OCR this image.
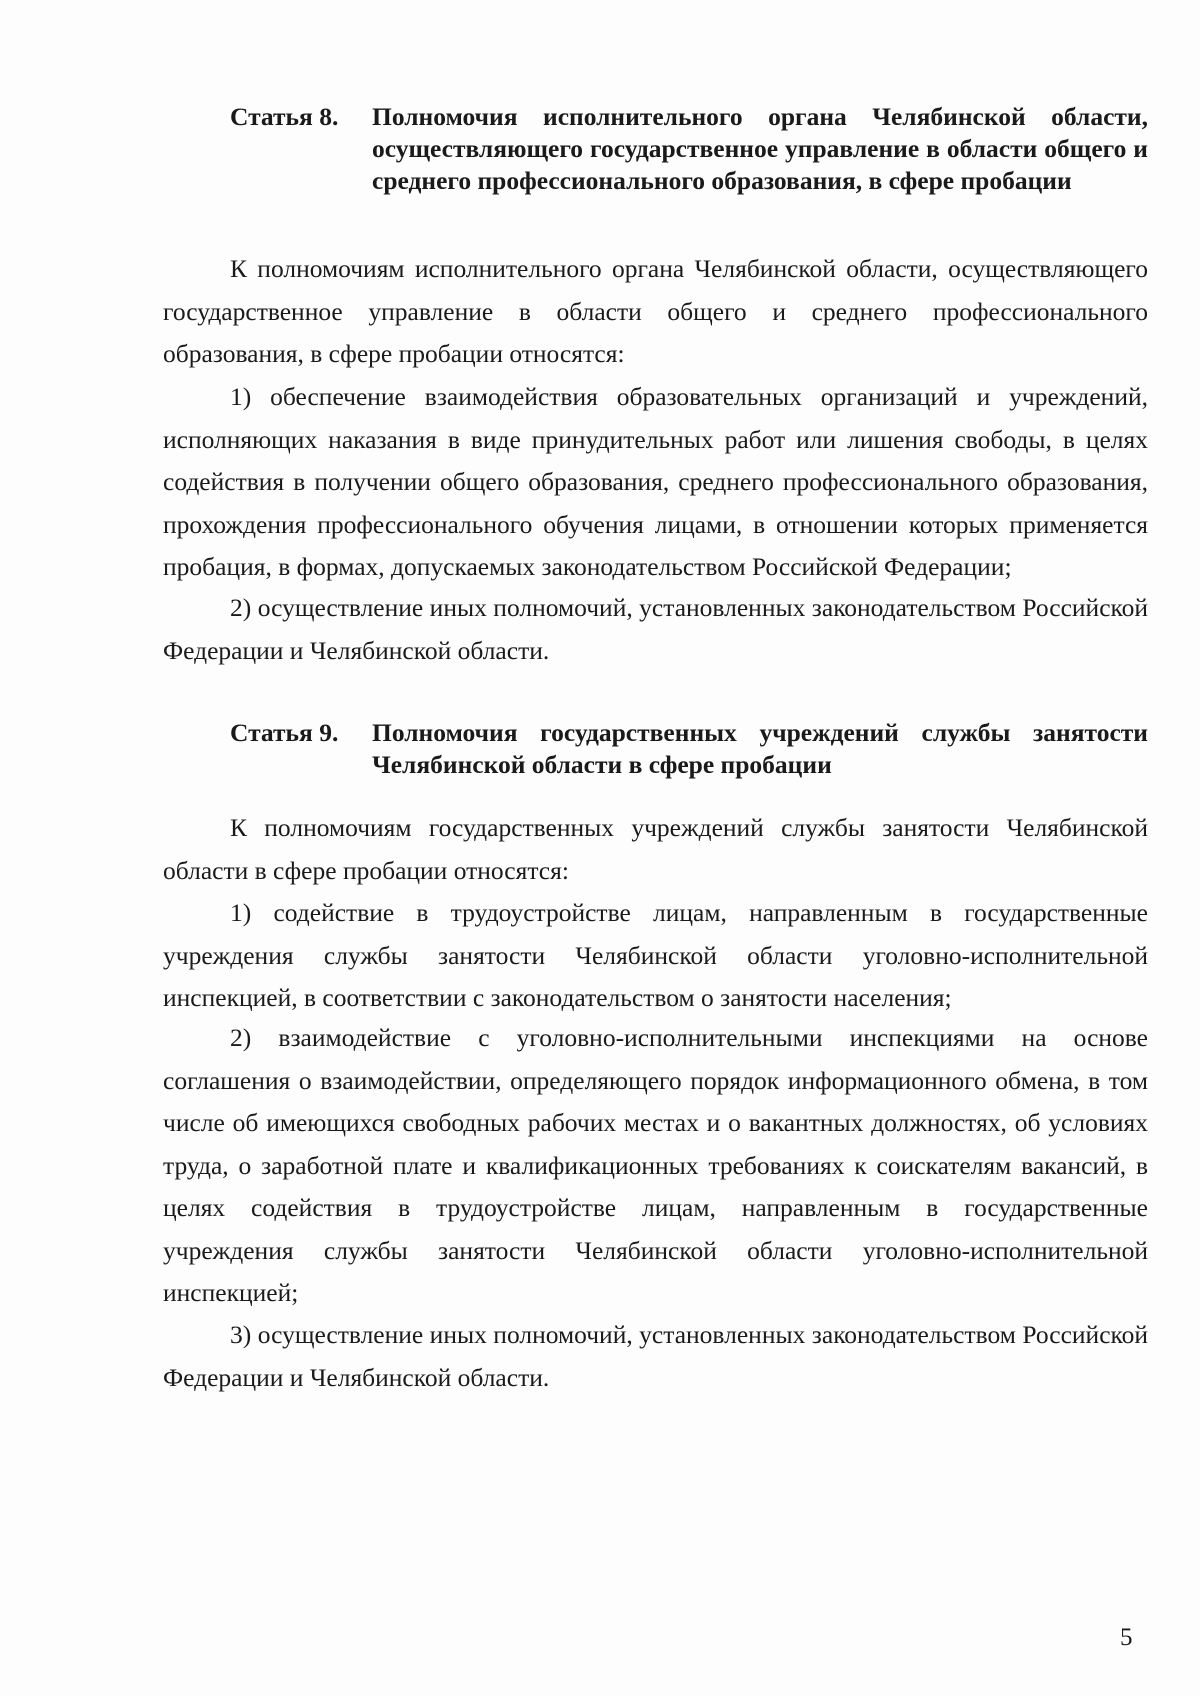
Статья 8.	Полномочия исполнительного органа Челябинской области, осуществляющего государственное управление в области общего и среднего профессионального образования, в сфере пробации

К полномочиям исполнительного органа Челябинской области, осуществляющего государственное управление в области общего и среднего профессионального образования, в сфере пробации относятся:

1) обеспечение взаимодействия образовательных организаций и учреждений, исполняющих наказания в виде принудительных работ или лишения свободы, в целях содействия в получении общего образования, среднего профессионального образования, прохождения профессионального обучения лицами, в отношении которых применяется пробация, в формах, допускаемых законодательством Российской Федерации;

2) осуществление иных полномочий, установленных законодательством Российской Федерации и Челябинской области.

Статья 9.	Полномочия государственных учреждений службы занятости Челябинской области в сфере пробации

К полномочиям государственных учреждений службы занятости Челябинской области в сфере пробации относятся:

1) содействие в трудоустройстве лицам, направленным в государственные учреждения службы занятости Челябинской области уголовно-исполнительной инспекцией, в соответствии с законодательством о занятости населения;

2) взаимодействие с уголовно-исполнительными инспекциями на основе соглашения о взаимодействии, определяющего порядок информационного обмена, в том числе об имеющихся свободных рабочих местах и о вакантных должностях, об условиях труда, о заработной плате и квалификационных требованиях к соискателям вакансий, в целях содействия в трудоустройстве лицам, направленным в государственные учреждения службы занятости Челябинской области уголовно-исполнительной инспекцией;

3) осуществление иных полномочий, установленных законодательством Российской Федерации и Челябинской области.

5
